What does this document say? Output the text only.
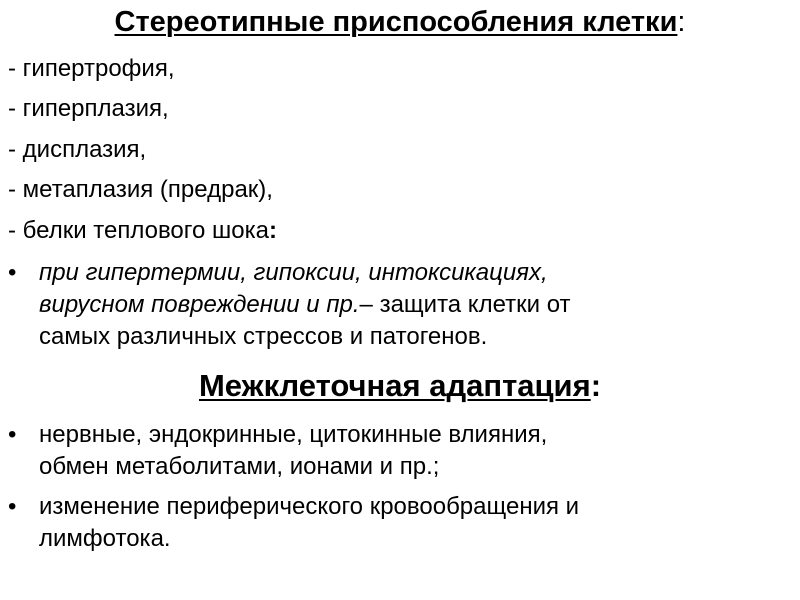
Стереотипные приспособления клетки:
- гипертрофия,
- гиперплазия,
- дисплазия,
- метаплазия (предрак),
- белки теплового шока:
• при гипертермии, гипоксии, интоксикациях,
вирусном повреждении и пр.– защита клетки от
самых различных стрессов и патогенов.
Межклеточная адаптация:
• нервные, эндокринные, цитокинные влияния,
обмен метаболитами, ионами и пр.;
• изменение периферического кровообращения и
лимфотока.
